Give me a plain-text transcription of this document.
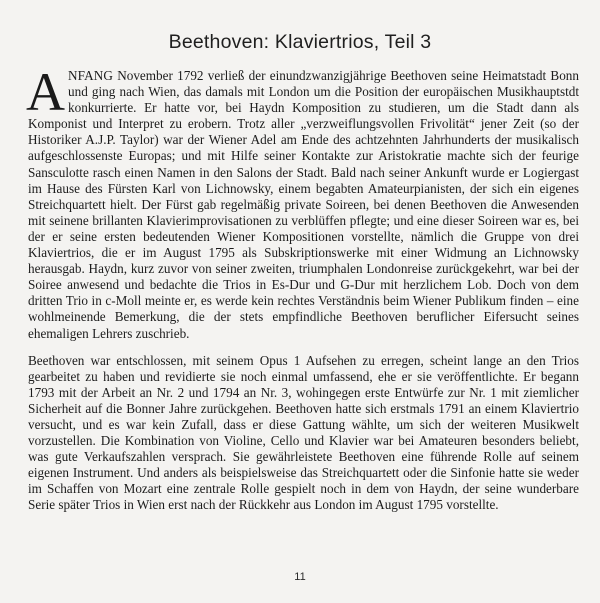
Beethoven: Klaviertrios, Teil 3

ANFANG November 1792 verließ der einundzwanzigjährige Beethoven seine Heimatstadt Bonn und ging nach Wien, das damals mit London um die Position der europäischen Musikhauptstdt konkurrierte. Er hatte vor, bei Haydn Komposition zu studieren, um die Stadt dann als Komponist und Interpret zu erobern. Trotz aller „verzweiflungsvollen Frivolität“ jener Zeit (so der Historiker A.J.P. Taylor) war der Wiener Adel am Ende des achtzehnten Jahrhunderts der musikalisch aufgeschlossenste Europas; und mit Hilfe seiner Kontakte zur Aristokratie machte sich der feurige Sansculotte rasch einen Namen in den Salons der Stadt. Bald nach seiner Ankunft wurde er Logiergast im Hause des Fürsten Karl von Lichnowsky, einem begabten Amateurpianisten, der sich ein eigenes Streichquartett hielt. Der Fürst gab regelmäßig private Soireen, bei denen Beethoven die Anwesenden mit seinene brillanten Klavierimprovisationen zu verblüffen pflegte; und eine dieser Soireen war es, bei der er seine ersten bedeutenden Wiener Kompositionen vorstellte, nämlich die Gruppe von drei Klaviertrios, die er im August 1795 als Subskriptionswerke mit einer Widmung an Lichnowsky herausgab. Haydn, kurz zuvor von seiner zweiten, triumphalen Londonreise zurückgekehrt, war bei der Soiree anwesend und bedachte die Trios in Es-Dur und G-Dur mit herzlichem Lob. Doch von dem dritten Trio in c-Moll meinte er, es werde kein rechtes Verständnis beim Wiener Publikum finden – eine wohlmeinende Bemerkung, die der stets empfindliche Beethoven beruflicher Eifersucht seines ehemaligen Lehrers zuschrieb.

Beethoven war entschlossen, mit seinem Opus 1 Aufsehen zu erregen, scheint lange an den Trios gearbeitet zu haben und revidierte sie noch einmal umfassend, ehe er sie veröffentlichte. Er begann 1793 mit der Arbeit an Nr. 2 und 1794 an Nr. 3, wohingegen erste Entwürfe zur Nr. 1 mit ziemlicher Sicherheit auf die Bonner Jahre zurückgehen. Beethoven hatte sich erstmals 1791 an einem Klaviertrio versucht, und es war kein Zufall, dass er diese Gattung wählte, um sich der weiteren Musikwelt vorzustellen. Die Kombination von Violine, Cello und Klavier war bei Amateuren besonders beliebt, was gute Verkaufszahlen versprach. Sie gewährleistete Beethoven eine führende Rolle auf seinem eigenen Instrument. Und anders als beispielsweise das Streichquartett oder die Sinfonie hatte sie weder im Schaffen von Mozart eine zentrale Rolle gespielt noch in dem von Haydn, der seine wunderbare Serie später Trios in Wien erst nach der Rückkehr aus London im August 1795 vorstellte.

11
